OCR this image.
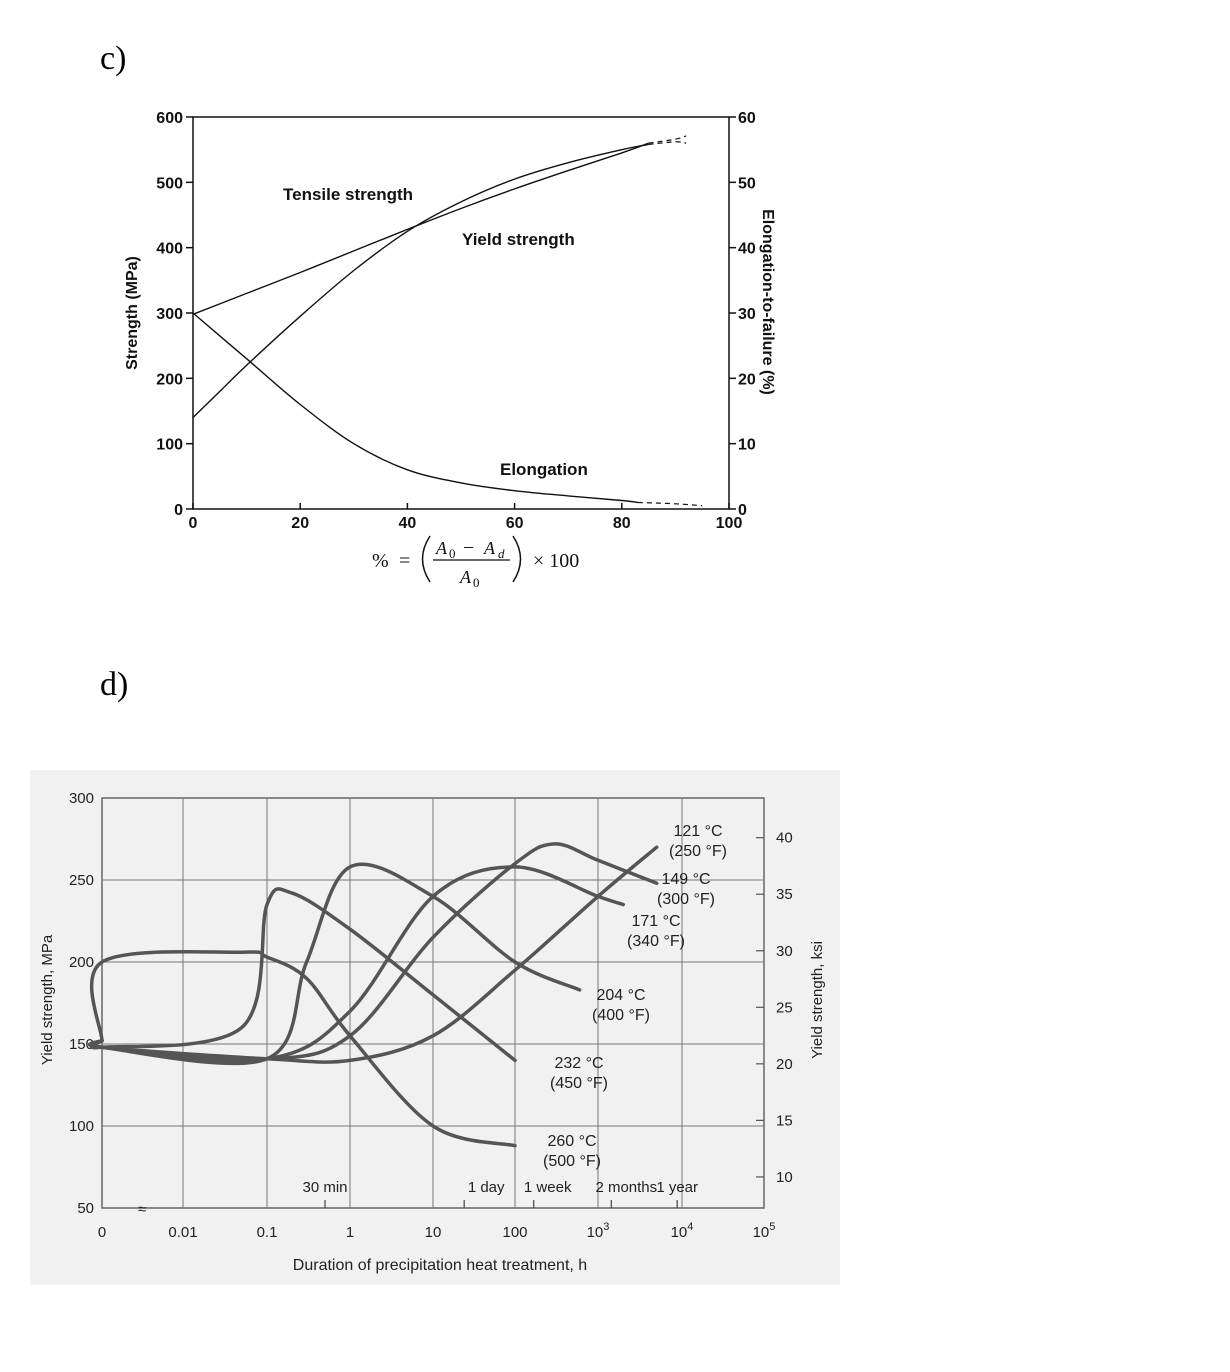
c)
d)
0	20	40	60	80	100
0
100
200
300
400
500
600
0
10
20
30
40
50
60
Tensile strength
Yield strength
Elongation
Strength (MPa)	Elongation-to-failure (%)
% =
A 0 − A d
A 0
× 100
0	0.01	0.1	1	10	100	$10^3$	$10^4$	$10^5$
50
100
150
200
250
300
10
15
20
25
30
35
40
30 min	1 day 1 week 2 months 1 year
121 °C
(250 °F)
149 °C
(300 °F)
171 °C
(340 °F)
204 °C
(400 °F)
232 °C
(450 °F)
260 °C
(500 °F)
≈
Duration of precipitation heat treatment, h
Yield strength, MPa	Yield strength, ksi
